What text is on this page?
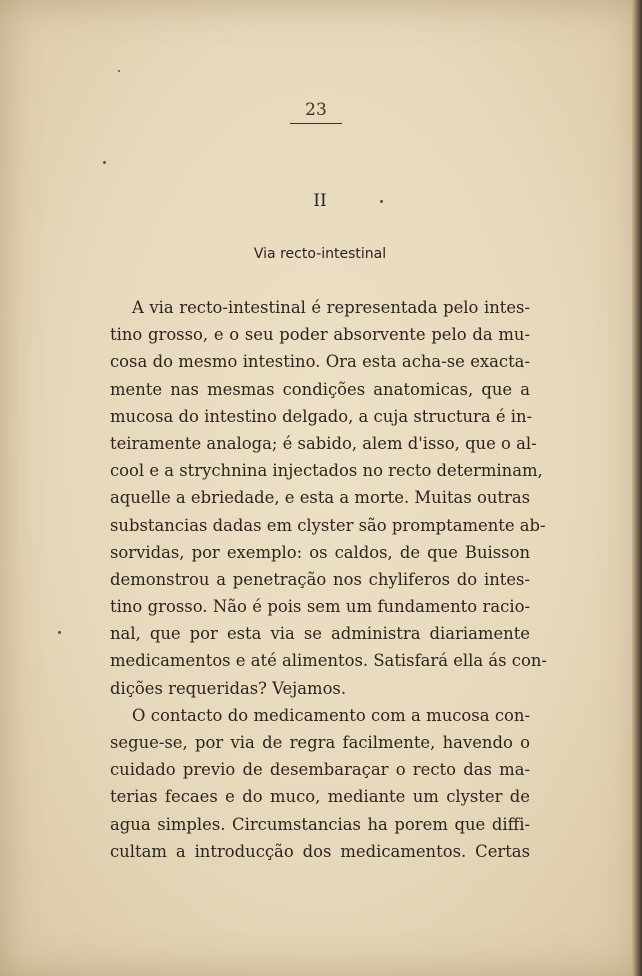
23
II
Via recto-intestinal
A via recto-intestinal é representada pelo intes-
tino grosso, e o seu poder absorvente pelo da mu-
cosa do mesmo intestino. Ora esta acha-se exacta-
mente nas mesmas condições anatomicas, que a
mucosa do intestino delgado, a cuja structura é in-
teiramente analoga; é sabido, alem d'isso, que o al-
cool e a strychnina injectados no recto determinam,
aquelle a ebriedade, e esta a morte. Muitas outras
substancias dadas em clyster são promptamente ab-
sorvidas, por exemplo: os caldos, de que Buisson
demonstrou a penetração nos chyliferos do intes-
tino grosso. Não é pois sem um fundamento racio-
nal, que por esta via se administra diariamente
medicamentos e até alimentos. Satisfará ella ás con-
dições requeridas? Vejamos.
O contacto do medicamento com a mucosa con-
segue-se, por via de regra facilmente, havendo o
cuidado previo de desembaraçar o recto das ma-
terias fecaes e do muco, mediante um clyster de
agua simples. Circumstancias ha porem que diffi-
cultam a introducção dos medicamentos. Certas
